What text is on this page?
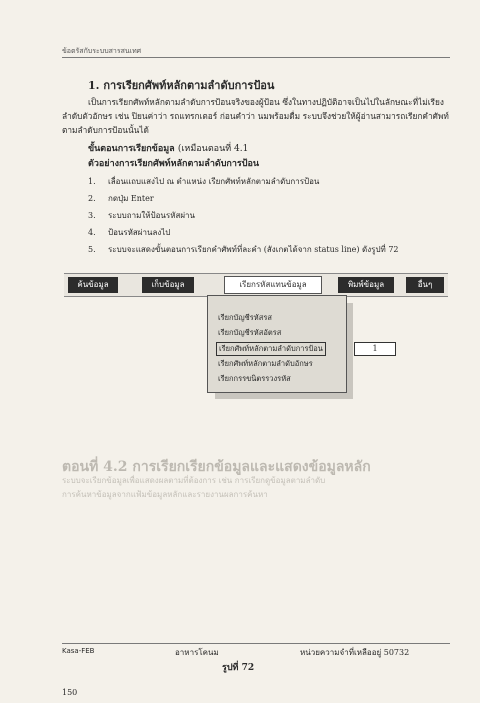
ข้อตรัสกับระบบสารสนเทศ
1. การเรียกศัพท์หลักตามลำดับการป้อน
เป็นการเรียกศัพท์หลักตามลำดับการป้อนจริงของผู้ป้อน ซึ่งในทางปฏิบัติอาจเป็นไปในลักษณะที่ไม่เรียงลำดับตัวอักษร เช่น ปิยนค่าว่า รถแทรกเตอร์ ก่อนคำว่า นมพร้อมดื่ม ระบบจึงช่วยให้ผู้อ่านสามารถเรียกคำศัพท์ตามลำดับการป้อนนั้นได้
ขั้นตอนการเรียกข้อมูล (เหมือนตอนที่ 4.1
ตัวอย่างการเรียกศัพท์หลักตามลำดับการป้อน
1. เลื่อนแถบแสงไป ณ ตำแหน่ง เรียกศัพท์หลักตามลำดับการป้อน
2. กดปุ่ม Enter
3. ระบบถามให้ป้อนรหัสผ่าน
4. ป้อนรหัสผ่านลงไป
5. ระบบจะแสดงขั้นตอนการเรียกคำศัพท์ที่ละคำ (สังเกตได้จาก status line) ดังรูปที่ 72
ค้นข้อมูล	เก็บข้อมูล	เรียกรหัสแทนข้อมูล	พิมพ์ข้อมูล	อื่นๆ
เรียกบัญชีรหัสรส
เรียกบัญชีรหัสอัตรส
เรียกศัพท์หลักตามลำดับการป้อน
เรียกศัพท์หลักตามลำดับอักษร
เรียกกรรขนิตรรวงรหัส
1
ตอนที่ 4.2 การเรียกเรียกข้อมูลและแสดงข้อมูลหลัก
ระบบจะเรียกข้อมูลเพื่อแสดงผลตามที่ต้องการ เช่น การเรียกดูข้อมูลตามลำดับ
การค้นหาข้อมูลจากแฟ้มข้อมูลหลักและรายงานผลการค้นหา
Kasa-FEB	อาหารโคนม	หน่วยความจำที่เหลืออยู่ 50732
รูปที่ 72
150
